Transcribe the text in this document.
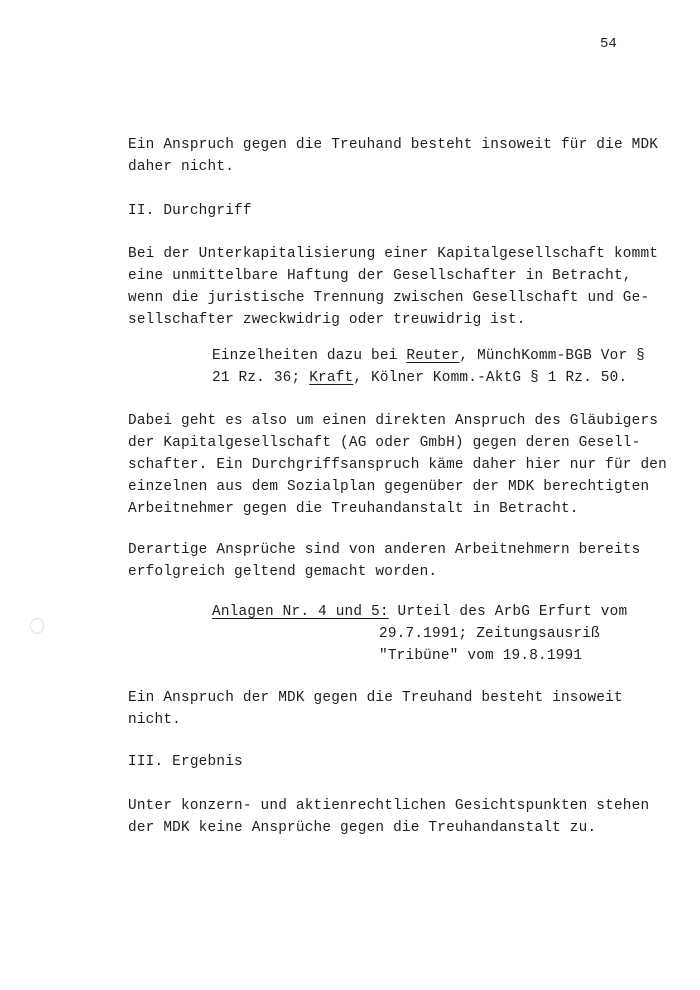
54
Ein Anspruch gegen die Treuhand besteht insoweit für die MDK
daher nicht.
II. Durchgriff
Bei der Unterkapitalisierung einer Kapitalgesellschaft kommt
eine unmittelbare Haftung der Gesellschafter in Betracht,
wenn die juristische Trennung zwischen Gesellschaft und Ge-
sellschafter zweckwidrig oder treuwidrig ist.
Einzelheiten dazu bei Reuter, MünchKomm-BGB Vor §
21 Rz. 36; Kraft, Kölner Komm.-AktG § 1 Rz. 50.
Dabei geht es also um einen direkten Anspruch des Gläubigers
der Kapitalgesellschaft (AG oder GmbH) gegen deren Gesell-
schafter. Ein Durchgriffsanspruch käme daher hier nur für den
einzelnen aus dem Sozialplan gegenüber der MDK berechtigten
Arbeitnehmer gegen die Treuhandanstalt in Betracht.
Derartige Ansprüche sind von anderen Arbeitnehmern bereits
erfolgreich geltend gemacht worden.
Anlagen Nr. 4 und 5: Urteil des ArbG Erfurt vom
29.7.1991; Zeitungsausriß
"Tribüne" vom 19.8.1991
Ein Anspruch der MDK gegen die Treuhand besteht insoweit
nicht.
III. Ergebnis
Unter konzern- und aktienrechtlichen Gesichtspunkten stehen
der MDK keine Ansprüche gegen die Treuhandanstalt zu.
